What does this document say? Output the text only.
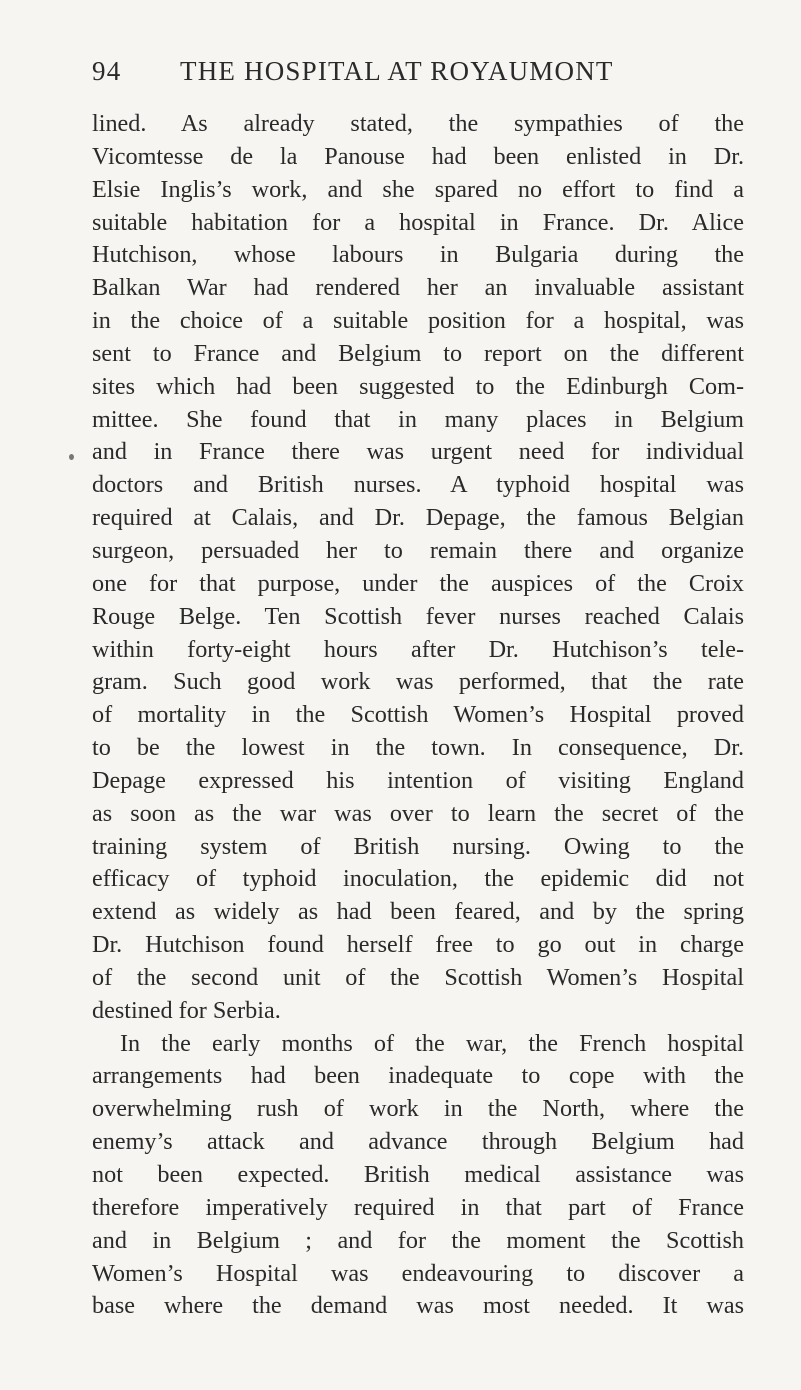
94 THE HOSPITAL AT ROYAUMONT
lined. As already stated, the sympathies of the
Vicomtesse de la Panouse had been enlisted in Dr.
Elsie Inglis’s work, and she spared no effort to find a
suitable habitation for a hospital in France. Dr. Alice
Hutchison, whose labours in Bulgaria during the
Balkan War had rendered her an invaluable assistant
in the choice of a suitable position for a hospital, was
sent to France and Belgium to report on the different
sites which had been suggested to the Edinburgh Com-
mittee. She found that in many places in Belgium
and in France there was urgent need for individual
doctors and British nurses. A typhoid hospital was
required at Calais, and Dr. Depage, the famous Belgian
surgeon, persuaded her to remain there and organize
one for that purpose, under the auspices of the Croix
Rouge Belge. Ten Scottish fever nurses reached Calais
within forty-eight hours after Dr. Hutchison’s tele-
gram. Such good work was performed, that the rate
of mortality in the Scottish Women’s Hospital proved
to be the lowest in the town. In consequence, Dr.
Depage expressed his intention of visiting England
as soon as the war was over to learn the secret of the
training system of British nursing. Owing to the
efficacy of typhoid inoculation, the epidemic did not
extend as widely as had been feared, and by the spring
Dr. Hutchison found herself free to go out in charge
of the second unit of the Scottish Women’s Hospital
destined for Serbia.
In the early months of the war, the French hospital
arrangements had been inadequate to cope with the
overwhelming rush of work in the North, where the
enemy’s attack and advance through Belgium had
not been expected. British medical assistance was
therefore imperatively required in that part of France
and in Belgium ; and for the moment the Scottish
Women’s Hospital was endeavouring to discover a
base where the demand was most needed. It was
